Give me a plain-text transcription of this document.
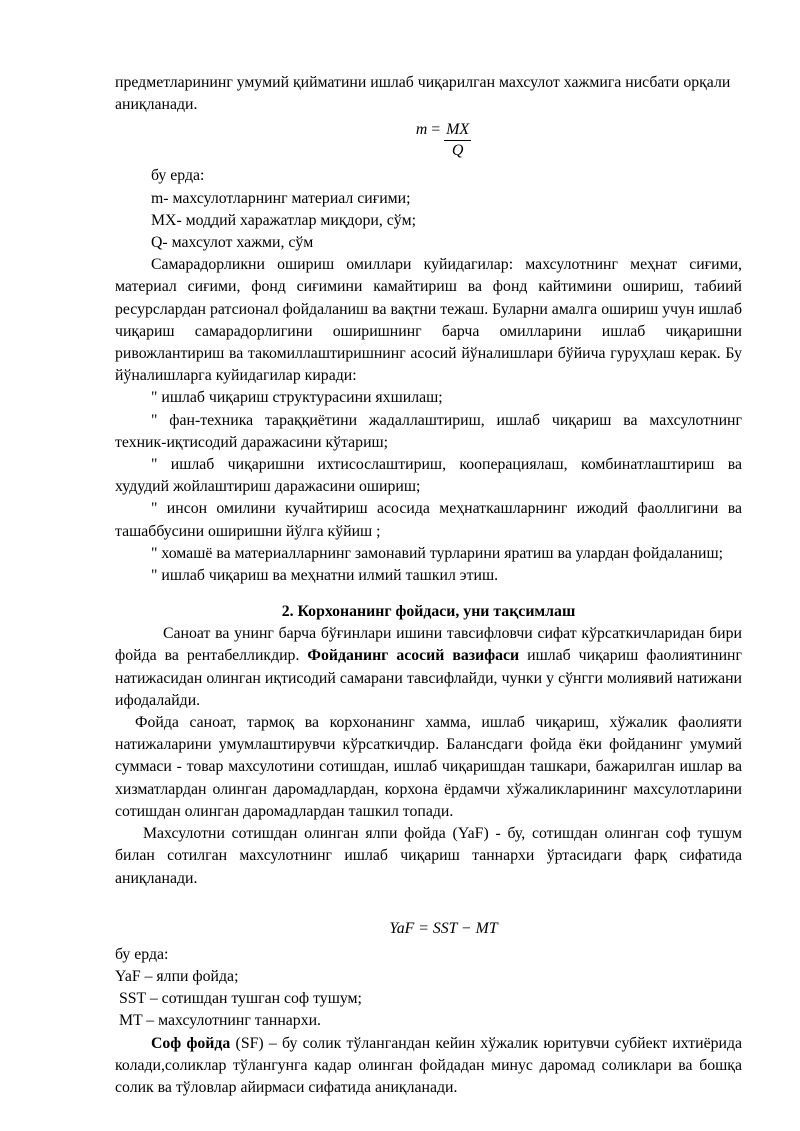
предметларининг умумий қийматини ишлаб чиқарилган махсулот хажмига нисбати орқали аниқланади.

$m = \frac{MX}{Q}$

бу ерда:

m- махсулотларнинг материал сиғими;

MX- моддий харажатлар миқдори, сўм;

Q- махсулот хажми, сўм

Самарадорликни ошириш омиллари куйидагилар: махсулотнинг меҳнат сиғими, материал сиғими, фонд сиғимини камайтириш ва фонд кайтимини ошириш, табиий ресурслардан ратсионал фойдаланиш ва вақтни тежаш. Буларни амалга ошириш учун ишлаб чиқариш самарадорлигини оширишнинг барча омилларини ишлаб чиқаришни ривожлантириш ва такомиллаштиришнинг асосий йўналишлари бўйича гуруҳлаш керак. Бу йўналишларга куйидагилар киради:

" ишлаб чиқариш структурасини яхшилаш;

" фан-техника тараққиётини жадаллаштириш, ишлаб чиқариш ва махсулотнинг техник-иқтисодий даражасини кўтариш;

" ишлаб чиқаришни ихтисослаштириш, кооперациялаш, комбинатлаштириш ва худудий жойлаштириш даражасини ошириш;

" инсон омилини кучайтириш асосида меҳнаткашларнинг ижодий фаоллигини ва ташаббусини оширишни йўлга кўйиш ;

" хомашё ва материалларнинг замонавий турларини яратиш ва улардан фойдаланиш;

" ишлаб чиқариш ва меҳнатни илмий ташкил этиш.

2. Корхонанинг фойдаси, уни тақсимлаш

Саноат ва унинг барча бўғинлари ишини тавсифловчи сифат кўрсаткичларидан бири фойда ва рентабелликдир. Фойданинг асосий вазифаси ишлаб чиқариш фаолиятининг натижасидан олинган иқтисодий самарани тавсифлайди, чунки у сўнгги молиявий натижани ифодалайди.

Фойда саноат, тармоқ ва корхонанинг хамма, ишлаб чиқариш, хўжалик фаолияти натижаларини умумлаштирувчи кўрсаткичдир. Балансдаги фойда ёки фойданинг умумий суммаси - товар махсулотини сотишдан, ишлаб чиқаришдан ташкари, бажарилган ишлар ва хизматлардан олинган даромадлардан, корхона ёрдамчи хўжаликларининг махсулотларини сотишдан олинган даромадлардан ташкил топади.

Махсулотни сотишдан олинган ялпи фойда (YaF) - бу, сотишдан олинган соф тушум билан сотилган махсулотнинг ишлаб чиқариш таннархи ўртасидаги фарқ сифатида аниқланади.

YaF = SST − MT

бу ерда:

YaF – ялпи фойда;

SST – сотишдан тушган соф тушум;

MT – махсулотнинг таннархи.

Соф фойда (SF) – бу солик тўлангандан кейин хўжалик юритувчи субйект ихтиёрида колади,соликлар тўлангунга кадар олинган фойдадан минус даромад соликлари ва бошқа солик ва тўловлар айирмаси сифатида аниқланади.
